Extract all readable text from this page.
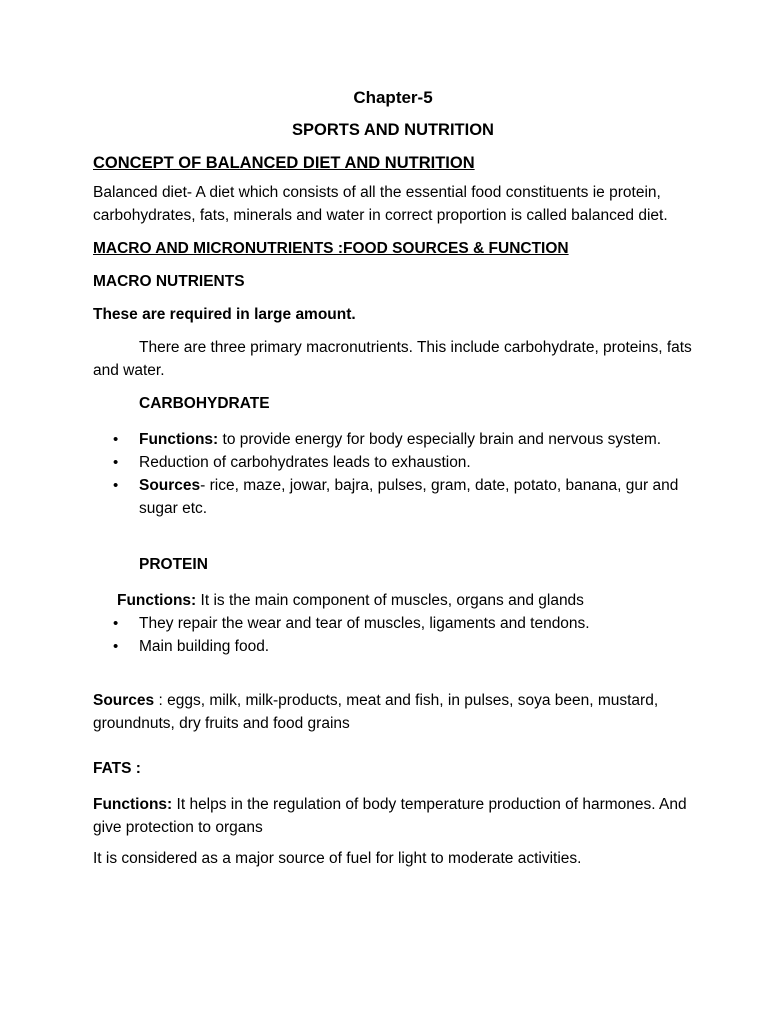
Chapter-5

SPORTS AND NUTRITION

CONCEPT OF BALANCED DIET AND NUTRITION

Balanced diet- A diet which consists of all the essential food constituents ie protein, carbohydrates, fats, minerals and water in correct proportion is called balanced diet.

MACRO AND MICRONUTRIENTS :FOOD SOURCES & FUNCTION

MACRO NUTRIENTS

These are required in large amount.

There are three primary macronutrients. This include carbohydrate, proteins, fats and water.

CARBOHYDRATE

• Functions: to provide energy for body especially brain and nervous system.
• Reduction of carbohydrates leads to exhaustion.
• Sources- rice, maze, jowar, bajra, pulses, gram, date, potato, banana, gur and sugar etc.

PROTEIN

Functions: It is the main component of muscles, organs and glands

• They repair the wear and tear of muscles, ligaments and tendons.
• Main building food.

Sources : eggs, milk, milk-products, meat and fish, in pulses, soya been, mustard, groundnuts, dry fruits and food grains

FATS :

Functions: It helps in the regulation of body temperature production of harmones. And give protection to organs

It is considered as a major source of fuel for light to moderate activities.
